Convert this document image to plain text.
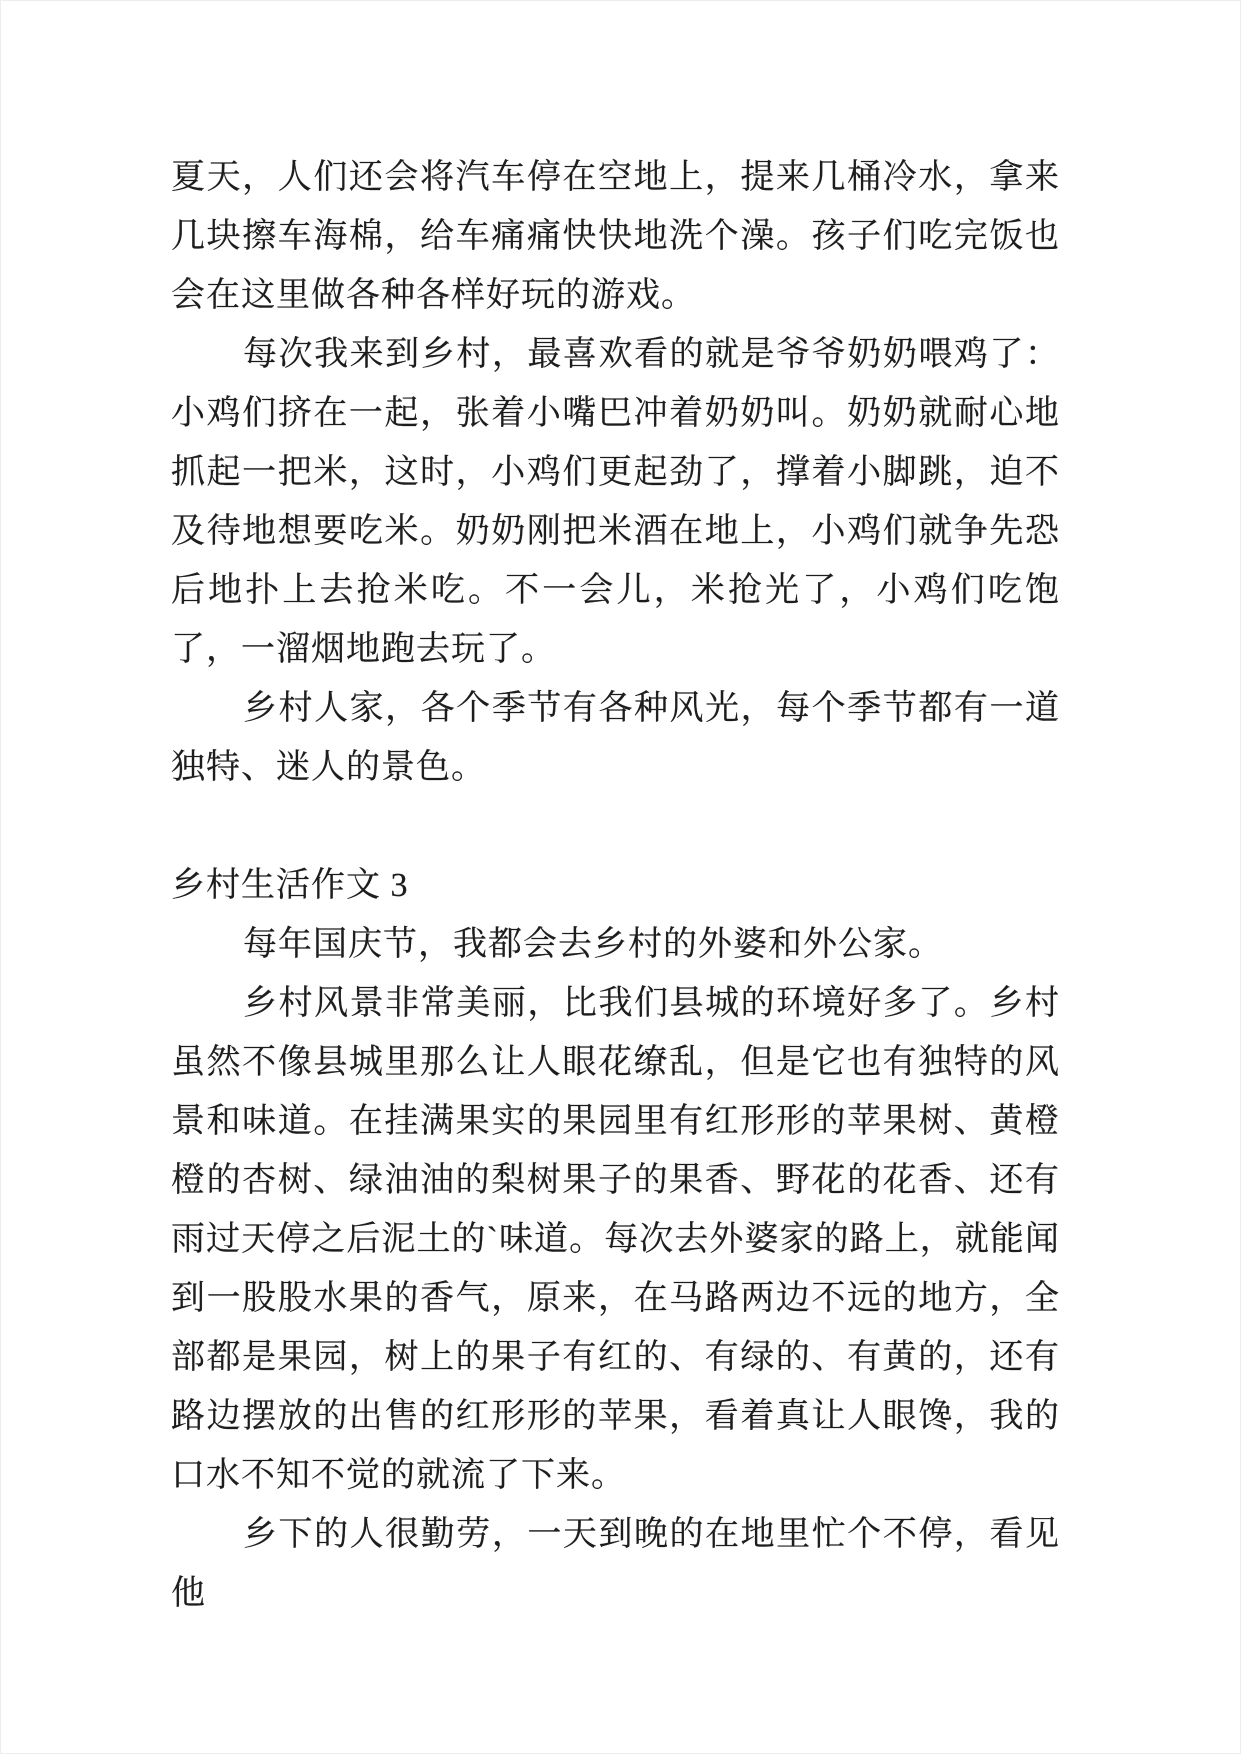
夏天，人们还会将汽车停在空地上，提来几桶冷水，拿来几块擦车海棉，给车痛痛快快地洗个澡。孩子们吃完饭也会在这里做各种各样好玩的游戏。

每次我来到乡村，最喜欢看的就是爷爷奶奶喂鸡了：小鸡们挤在一起，张着小嘴巴冲着奶奶叫。奶奶就耐心地抓起一把米，这时，小鸡们更起劲了，撑着小脚跳，迫不及待地想要吃米。奶奶刚把米酒在地上，小鸡们就争先恐后地扑上去抢米吃。不一会儿，米抢光了，小鸡们吃饱了，一溜烟地跑去玩了。

乡村人家，各个季节有各种风光，每个季节都有一道独特、迷人的景色。

乡村生活作文 3

每年国庆节，我都会去乡村的外婆和外公家。

乡村风景非常美丽，比我们县城的环境好多了。乡村虽然不像县城里那么让人眼花缭乱，但是它也有独特的风景和味道。在挂满果实的果园里有红形形的苹果树、黄橙橙的杏树、绿油油的梨树果子的果香、野花的花香、还有雨过天停之后泥土的`味道。每次去外婆家的路上，就能闻到一股股水果的香气，原来，在马路两边不远的地方，全部都是果园，树上的果子有红的、有绿的、有黄的，还有路边摆放的出售的红形形的苹果，看着真让人眼馋，我的口水不知不觉的就流了下来。

乡下的人很勤劳，一天到晚的在地里忙个不停，看见他
